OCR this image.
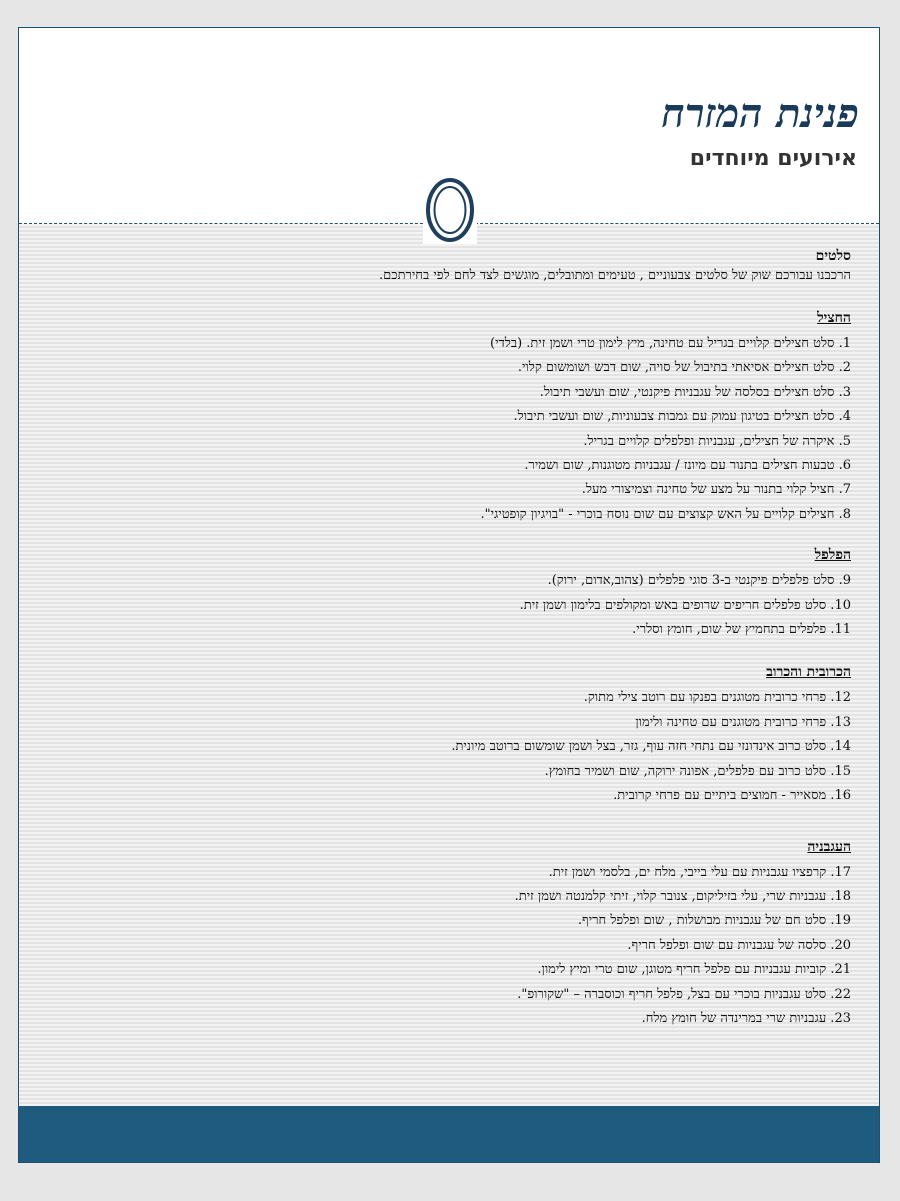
פנינת המזרח
אירועים מיוחדים

סלטים

הרכבנו עבורכם שוק של סלטים צבעוניים , טעימים ומתובלים, מוגשים לצד לחם לפי בחירתכם.

החציל

1. סלט חצילים קלויים בגריל עם טחינה, מיץ לימון טרי ושמן זית. (בלדי)
2. סלט חצילים אסיאתי בתיבול של סויה, שום דבש ושומשום קלוי.
3. סלט חצילים בסלסה של עגבניות פיקנטי, שום ועשבי תיבול.
4. סלט חצילים בטיגון עמוק עם גמבות צבעוניות, שום ועשבי תיבול.
5. איקרה של חצילים, עגבניות ופלפלים קלויים בגריל.
6. טבעות חצילים בתנור עם מיונז / עגבניות מטוגנות, שום ושמיר.
7. חציל קלוי בתנור על מצע של טחינה וצמיצורי מעל.
8. חצילים קלויים על האש קצוצים עם שום נוסח בוכרי - "בויגיון קופטיגי".

הפלפל

9. סלט פלפלים פיקנטי ב-3 סוגי פלפלים (צהוב,אדום, ירוק).
10. סלט פלפלים חריפים שרופים באש ומקולפים בלימון ושמן זית.
11. פלפלים בתחמיץ של שום, חומץ וסלרי.

הכרובית והכרוב

12. פרחי כרובית מטוגנים בפנקו עם רוטב צילי מתוק.
13. פרחי כרובית מטוגנים עם טחינה ולימון
14. סלט כרוב אינדונזי עם נתחי חזה עוף, גזר, בצל ושמן שומשום ברוטב מיונית.
15. סלט כרוב עם פלפלים, אפונה ירוקה, שום ושמיר בחומץ.
16. מסאייר - חמוצים ביתיים עם פרחי קרובית.

העגבניה

17. קרפציו עגבניות עם עלי בייבי, מלח ים, בלסמי ושמן זית.
18. עגבניות שרי, עלי בזיליקום, צנובר קלוי, זיתי קלמנטה ושמן זית.
19. סלט חם של עגבניות מבושלות , שום ופלפל חריף.
20. סלסה של עגבניות עם שום ופלפל חריף.
21. קוביות עגבניות עם פלפל חריף מטוגן, שום טרי ומיץ לימון.
22. סלט עגבניות בוכרי עם בצל, פלפל חריף וכוסברה – "שקורופ".
23. עגבניות שרי במרינדה של חומץ מלח.
